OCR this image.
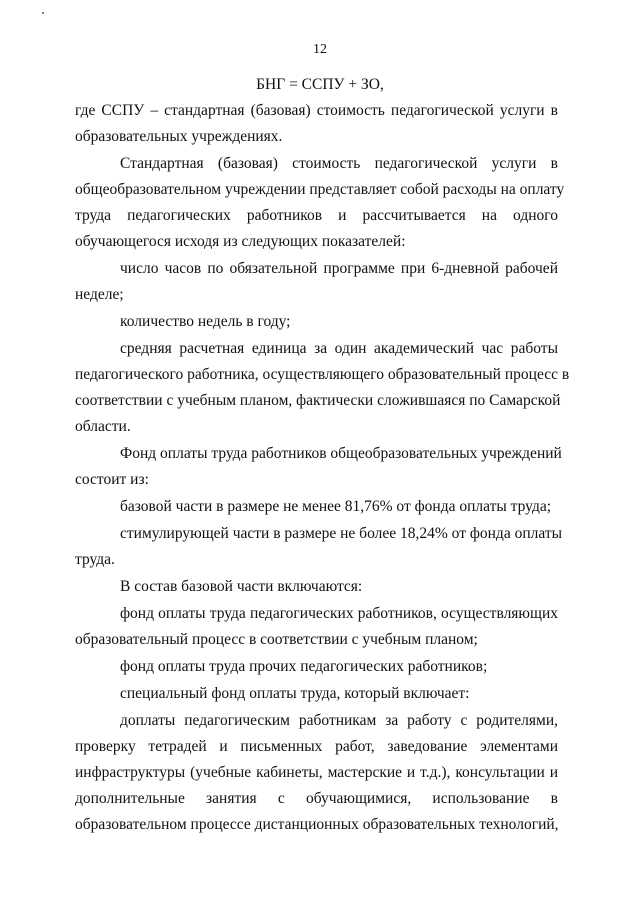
12
БНГ = ССПУ + ЗО,
где ССПУ – стандартная (базовая) стоимость педагогической услуги в
образовательных учреждениях.
Стандартная (базовая) стоимость педагогической услуги в
общеобразовательном учреждении представляет собой расходы на оплату
труда педагогических работников и рассчитывается на одного
обучающегося исходя из следующих показателей:
число часов по обязательной программе при 6-дневной рабочей
неделе;
количество недель в году;
средняя расчетная единица за один академический час работы
педагогического работника, осуществляющего образовательный процесс в
соответствии с учебным планом, фактически сложившаяся по Самарской
области.
Фонд оплаты труда работников общеобразовательных учреждений
состоит из:
базовой части в размере не менее 81,76% от фонда оплаты труда;
стимулирующей части в размере не более 18,24% от фонда оплаты
труда.
В состав базовой части включаются:
фонд оплаты труда педагогических работников, осуществляющих
образовательный процесс в соответствии с учебным планом;
фонд оплаты труда прочих педагогических работников;
специальный фонд оплаты труда, который включает:
доплаты педагогическим работникам за работу с родителями,
проверку тетрадей и письменных работ, заведование элементами
инфраструктуры (учебные кабинеты, мастерские и т.д.), консультации и
дополнительные занятия с обучающимися, использование в
образовательном процессе дистанционных образовательных технологий,
